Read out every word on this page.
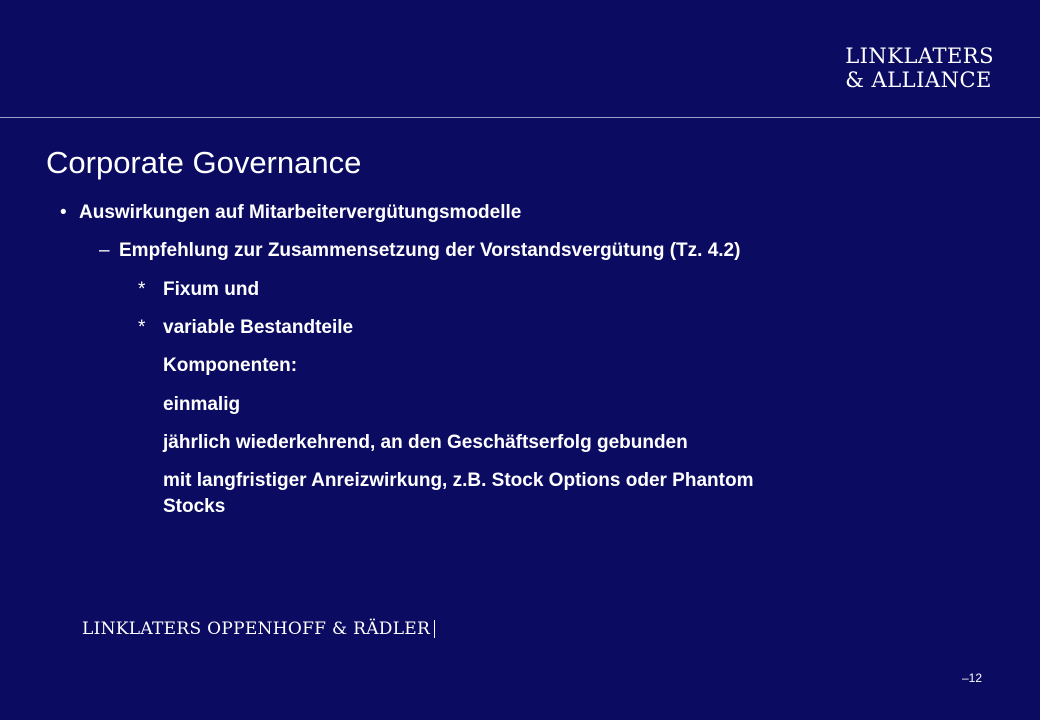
LINKLATERS
& ALLIANCE
Corporate Governance
• Auswirkungen auf Mitarbeitervergütungsmodelle
– Empfehlung zur Zusammensetzung der Vorstandsvergütung (Tz. 4.2)
* Fixum und
* variable Bestandteile
Komponenten:
einmalig
jährlich wiederkehrend, an den Geschäftserfolg gebunden
mit langfristiger Anreizwirkung, z.B. Stock Options oder Phantom
Stocks
LINKLATERS OPPENHOFF & RÄDLER
–12
